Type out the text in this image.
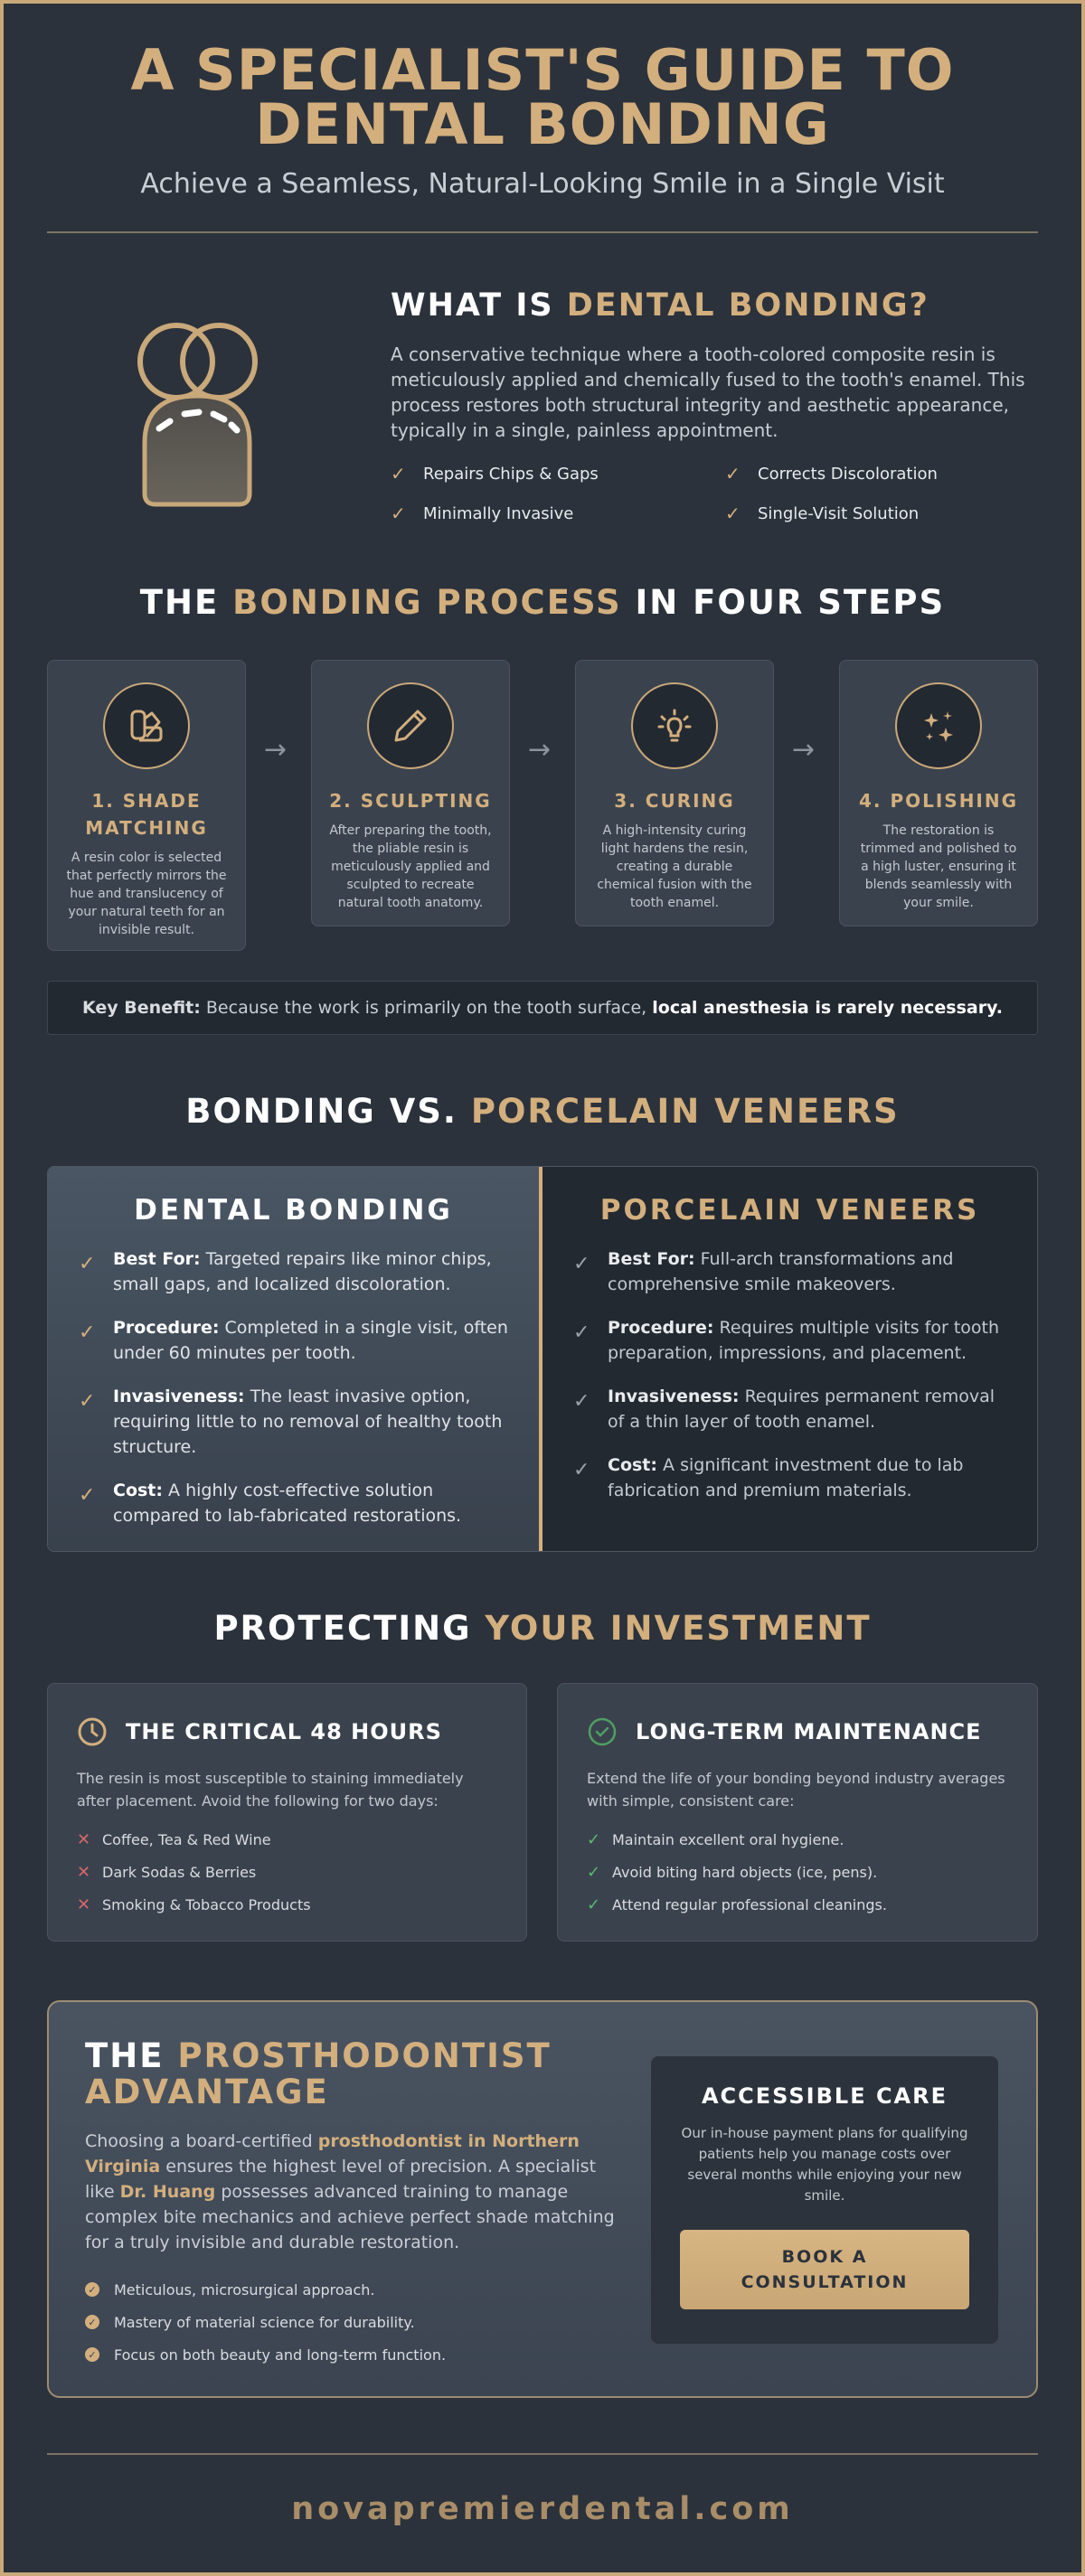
A SPECIALIST'S GUIDE TO
DENTAL BONDING
Achieve a Seamless, Natural-Looking Smile in a Single Visit
WHAT IS DENTAL BONDING?

A conservative technique where a tooth-colored composite resin is meticulously applied and chemically fused to the tooth's enamel. This process restores both structural integrity and aesthetic appearance, typically in a single, painless appointment.

✓	Repairs Chips & Gaps	✓	Corrects Discoloration
✓	Minimally Invasive	✓	Single-Visit Solution
THE BONDING PROCESS IN FOUR STEPS
1. SHADE MATCHING

A resin color is selected that perfectly mirrors the hue and translucency of your natural teeth for an invisible result.

→
2. SCULPTING

After preparing the tooth, the pliable resin is meticulously applied and sculpted to recreate natural tooth anatomy.

→
3. CURING

A high-intensity curing light hardens the resin, creating a durable chemical fusion with the tooth enamel.

→
4. POLISHING

The restoration is trimmed and polished to a high luster, ensuring it blends seamlessly with your smile.

Key Benefit: Because the work is primarily on the tooth surface, local anesthesia is rarely necessary.
BONDING VS. PORCELAIN VENEERS
DENTAL BONDING
✓	Best For: Targeted repairs like minor chips, small gaps, and localized discoloration.
✓	Procedure: Completed in a single visit, often under 60 minutes per tooth.
✓	Invasiveness: The least invasive option, requiring little to no removal of healthy tooth structure.
✓	Cost: A highly cost-effective solution compared to lab-fabricated restorations.
PORCELAIN VENEERS
✓	Best For: Full-arch transformations and comprehensive smile makeovers.
✓	Procedure: Requires multiple visits for tooth preparation, impressions, and placement.
✓	Invasiveness: Requires permanent removal of a thin layer of tooth enamel.
✓	Cost: A significant investment due to lab fabrication and premium materials.
PROTECTING YOUR INVESTMENT
THE CRITICAL 48 HOURS

The resin is most susceptible to staining immediately after placement. Avoid the following for two days:

✕ Coffee, Tea & Red Wine
✕ Dark Sodas & Berries
✕ Smoking & Tobacco Products
LONG-TERM MAINTENANCE

Extend the life of your bonding beyond industry averages with simple, consistent care:

✓ Maintain excellent oral hygiene.
✓ Avoid biting hard objects (ice, pens).
✓ Attend regular professional cleanings.
THE PROSTHODONTIST ADVANTAGE

Choosing a board-certified prosthodontist in Northern Virginia ensures the highest level of precision. A specialist like Dr. Huang possesses advanced training to manage complex bite mechanics and achieve perfect shade matching for a truly invisible and durable restoration.

✓ Meticulous, microsurgical approach.
✓ Mastery of material science for durability.
✓ Focus on both beauty and long-term function.
ACCESSIBLE CARE

Our in-house payment plans for qualifying patients help you manage costs over several months while enjoying your new smile.

BOOK A
CONSULTATION
novapremierdental.com
